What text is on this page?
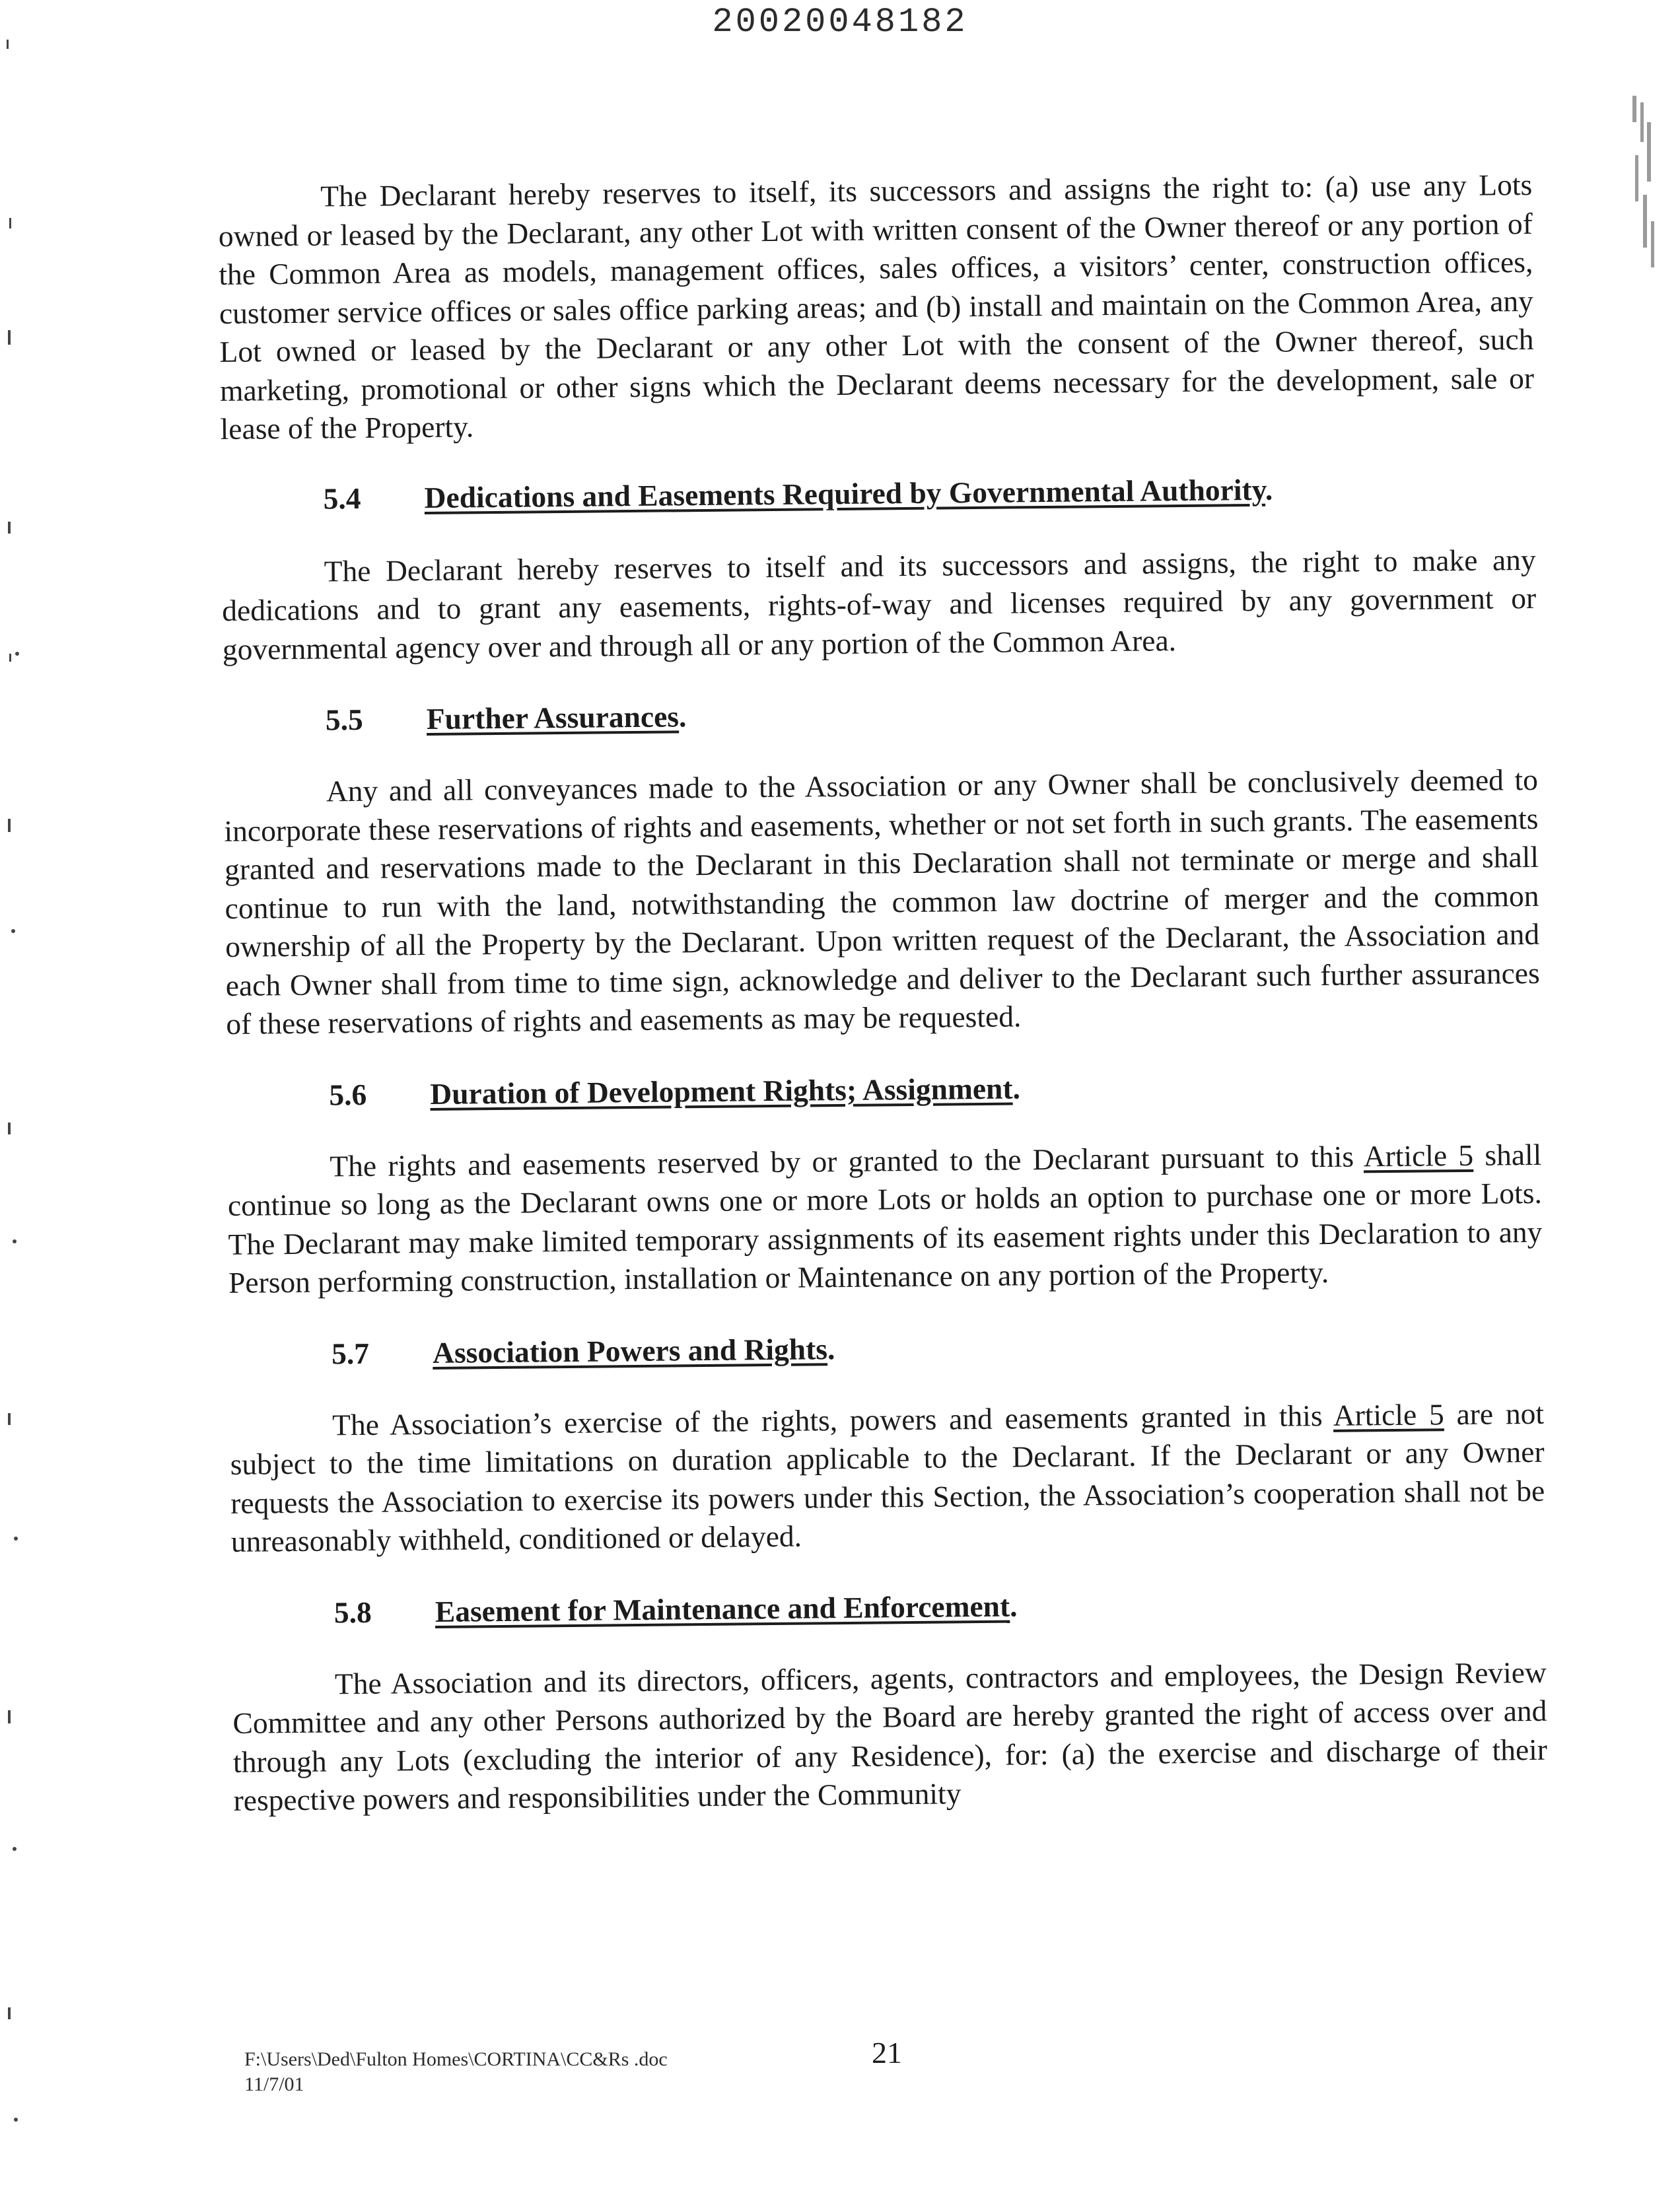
20020048182

The Declarant hereby reserves to itself, its successors and assigns the right to: (a) use any Lots owned or leased by the Declarant, any other Lot with written consent of the Owner thereof or any portion of the Common Area as models, management offices, sales offices, a visitors’ center, construction offices, customer service offices or sales office parking areas; and (b) install and maintain on the Common Area, any Lot owned or leased by the Declarant or any other Lot with the consent of the Owner thereof, such marketing, promotional or other signs which the Declarant deems necessary for the development, sale or lease of the Property.

5.4 Dedications and Easements Required by Governmental Authority.

The Declarant hereby reserves to itself and its successors and assigns, the right to make any dedications and to grant any easements, rights-of-way and licenses required by any government or governmental agency over and through all or any portion of the Common Area.

5.5 Further Assurances.

Any and all conveyances made to the Association or any Owner shall be conclusively deemed to incorporate these reservations of rights and easements, whether or not set forth in such grants. The easements granted and reservations made to the Declarant in this Declaration shall not terminate or merge and shall continue to run with the land, notwithstanding the common law doctrine of merger and the common ownership of all the Property by the Declarant. Upon written request of the Declarant, the Association and each Owner shall from time to time sign, acknowledge and deliver to the Declarant such further assurances of these reservations of rights and easements as may be requested.

5.6 Duration of Development Rights; Assignment.

The rights and easements reserved by or granted to the Declarant pursuant to this Article 5 shall continue so long as the Declarant owns one or more Lots or holds an option to purchase one or more Lots. The Declarant may make limited temporary assignments of its easement rights under this Declaration to any Person performing construction, installation or Maintenance on any portion of the Property.

5.7 Association Powers and Rights.

The Association’s exercise of the rights, powers and easements granted in this Article 5 are not subject to the time limitations on duration applicable to the Declarant. If the Declarant or any Owner requests the Association to exercise its powers under this Section, the Association’s cooperation shall not be unreasonably withheld, conditioned or delayed.

5.8 Easement for Maintenance and Enforcement.

The Association and its directors, officers, agents, contractors and employees, the Design Review Committee and any other Persons authorized by the Board are hereby granted the right of access over and through any Lots (excluding the interior of any Residence), for: (a) the exercise and discharge of their respective powers and responsibilities under the Community

F:\Users\Ded\Fulton Homes\CORTINA\CC&Rs .doc
11/7/01
21
